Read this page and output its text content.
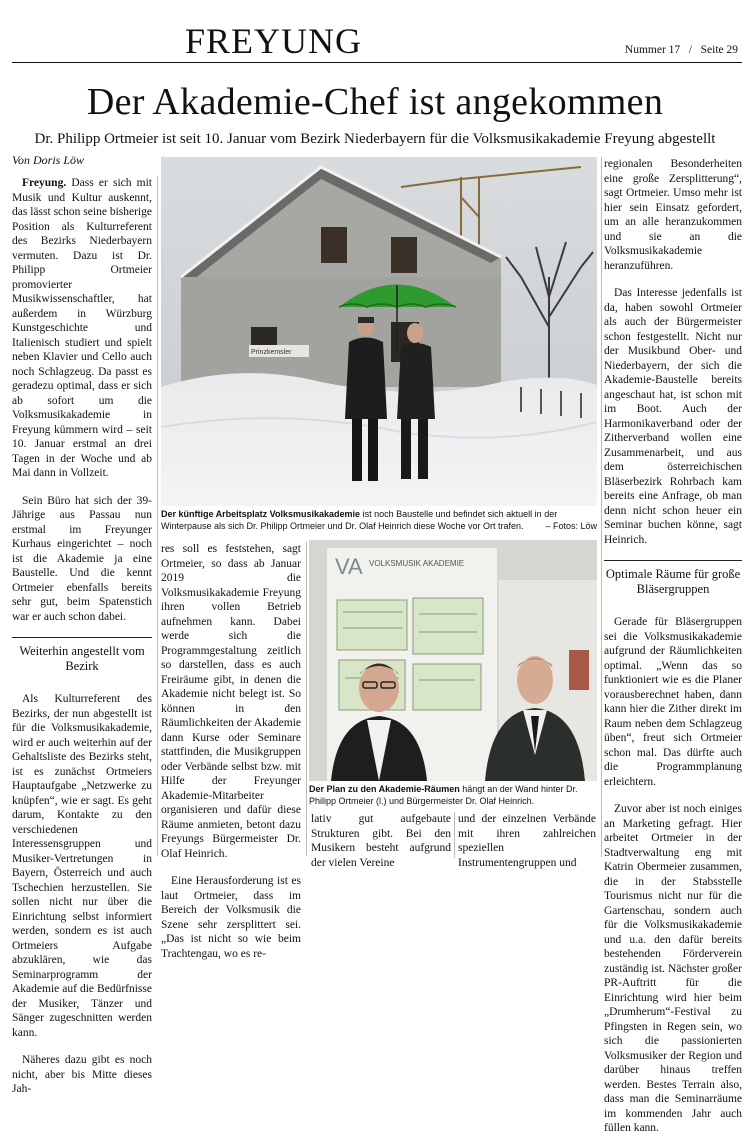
FREYUNG	Nummer 17   /   Seite 29
Der Akademie-Chef ist angekommen
Dr. Philipp Ortmeier ist seit 10. Januar vom Bezirk Niederbayern für die Volksmusikakademie Freyung abgestellt
Von Doris Löw

Freyung. Dass er sich mit Musik und Kultur auskennt, das lässt schon seine bisherige Position als Kulturreferent des Bezirks Niederbayern vermuten. Dazu ist Dr. Philipp Ortmeier promovierter Musikwissenschaftler, hat außerdem in Würzburg Kunstgeschichte und Italienisch studiert und spielt neben Klavier und Cello auch noch Schlagzeug. Da passt es geradezu optimal, dass er sich ab sofort um die Volksmusikakademie in Freyung kümmern wird – seit 10. Januar erstmal an drei Tagen in der Woche und ab Mai dann in Vollzeit.

Sein Büro hat sich der 39-Jährige aus Passau nun erstmal im Freyunger Kurhaus eingerichtet – noch ist die Akademie ja eine Baustelle. Und die kennt Ortmeier ebenfalls bereits sehr gut, beim Spatenstich war er auch schon dabei.

Weiterhin angestellt vom Bezirk

Als Kulturreferent des Bezirks, der nun abgestellt ist für die Volksmusikakademie, wird er auch weiterhin auf der Gehaltsliste des Bezirks steht, ist es zunächst Ortmeiers Hauptaufgabe „Netzwerke zu knüpfen“, wie er sagt. Es geht darum, Kontakte zu den verschiedenen Interessensgruppen und Musiker-Vertretungen in Bayern, Österreich und auch Tschechien herzustellen. Sie sollen nicht nur über die Einrichtung selbst informiert werden, sondern es ist auch Ortmeiers Aufgabe abzuklären, wie das Seminarprogramm der Akademie auf die Bedürfnisse der Musiker, Tänzer und Sänger zugeschnitten werden kann.

Näheres dazu gibt es noch nicht, aber bis Mitte dieses Jah-

Prinzkemsler
Der künftige Arbeitsplatz Volksmusikakademie ist noch Baustelle und befindet sich aktuell in der Winterpause als sich Dr. Philipp Ortmeier und Dr. Olaf Heinrich diese Woche vor Ort trafen. – Fotos: Löw

res soll es feststehen, sagt Ortmeier, so dass ab Januar 2019 die Volksmusikakademie Freyung ihren vollen Betrieb aufnehmen kann. Dabei werde sich die Programmgestaltung zeitlich so darstellen, dass es auch Freiräume gibt, in denen die Akademie nicht belegt ist. So können in den Räumlichkeiten der Akademie dann Kurse oder Seminare stattfinden, die Musikgruppen oder Verbände selbst bzw. mit Hilfe der Freyunger Akademie-Mitarbeiter organisieren und dafür diese Räume anmieten, betont dazu Freyungs Bürgermeister Dr. Olaf Heinrich.

Eine Herausforderung ist es laut Ortmeier, dass im Bereich der Volksmusik die Szene sehr zersplittert sei. „Das ist nicht so wie beim Trachtengau, wo es re-

VA VOLKSMUSIK AKADEMIE
Der Plan zu den Akademie-Räumen hängt an der Wand hinter Dr. Philipp Ortmeier (l.) und Bürgermeister Dr. Olaf Heinrich.

lativ gut aufgebaute Strukturen gibt. Bei den Musikern besteht aufgrund der vielen Vereine

und der einzelnen Verbände mit ihren zahlreichen speziellen Instrumentengruppen und

regionalen Besonderheiten eine große Zersplitterung“, sagt Ortmeier. Umso mehr ist hier sein Einsatz gefordert, um an alle heranzukommen und sie an die Volksmusikakademie heranzuführen.

Das Interesse jedenfalls ist da, haben sowohl Ortmeier als auch der Bürgermeister schon festgestellt. Nicht nur der Musikbund Ober- und Niederbayern, der sich die Akademie-Baustelle bereits angeschaut hat, ist schon mit im Boot. Auch der Harmonikaverband oder der Zitherverband wollen eine Zusammenarbeit, und aus dem österreichischen Bläserbezirk Rohrbach kam bereits eine Anfrage, ob man denn nicht schon heuer ein Seminar buchen könne, sagt Heinrich.

Optimale Räume für große Bläsergruppen

Gerade für Bläsergruppen sei die Volksmusikakademie aufgrund der Räumlichkeiten optimal. „Wenn das so funktioniert wie es die Planer vorausberechnet haben, dann kann hier die Zither direkt im Raum neben dem Schlagzeug üben“, freut sich Ortmeier schon mal. Das dürfte auch die Programmplanung erleichtern.

Zuvor aber ist noch einiges an Marketing gefragt. Hier arbeitet Ortmeier in der Stadtverwaltung eng mit Katrin Obermeier zusammen, die in der Stabsstelle Tourismus nicht nur für die Gartenschau, sondern auch für die Volksmusikakademie und u.a. den dafür bereits bestehenden Förderverein zuständig ist. Nächster großer PR-Auftritt für die Einrichtung wird hier beim „Drumherum“-Festival zu Pfingsten in Regen sein, wo sich die passionierten Volksmusiker der Region und darüber hinaus treffen werden. Bestes Terrain also, dass man die Seminarräume im kommenden Jahr auch füllen kann.
